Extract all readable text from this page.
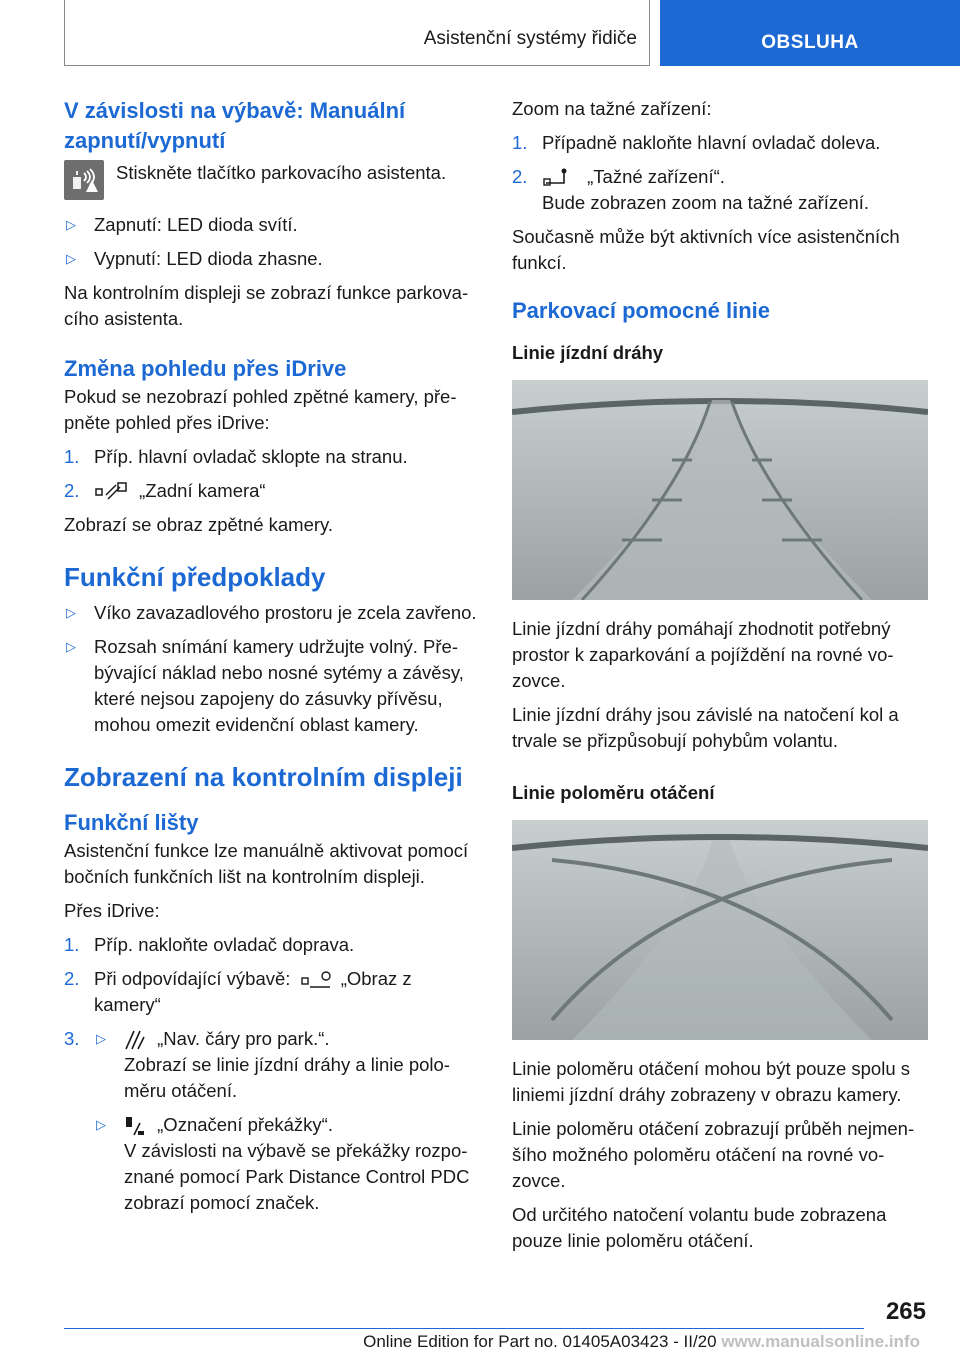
Asistenční systémy řidiče	OBSLUHA
V závislosti na výbavě: Manuální zapnutí/vypnutí
Stiskněte tlačítko parkovacího asistenta.
▷ Zapnutí: LED dioda svítí.
▷ Vypnutí: LED dioda zhasne.

Na kontrolním displeji se zobrazí funkce parkova‐cího asistenta.

Změna pohledu přes iDrive

Pokud se nezobrazí pohled zpětné kamery, pře‐pněte pohled přes iDrive:

1. Příp. hlavní ovladač sklopte na stranu.
2.	„Zadní kamera“

Zobrazí se obraz zpětné kamery.

Funkční předpoklady
▷ Víko zavazadlového prostoru je zcela zavřeno.
▷ Rozsah snímání kamery udržujte volný. Pře‐bývající náklad nebo nosné sytémy a závěsy, které nejsou zapojeny do zásuvky přívěsu, mohou omezit evidenční oblast kamery.
Zobrazení na kontrolním displeji
Funkční lišty

Asistenční funkce lze manuálně aktivovat pomocí bočních funkčních lišt na kontrolním displeji.

Přes iDrive:

1. Příp. nakloňte ovladač doprava.
2. Při odpovídající výbavě:	„Obraz z kamery“
3. ▷	„Nav. čáry pro park.“.
Zobrazí se linie jízdní dráhy a linie polo‐měru otáčení.
▷	„Označení překážky“.
V závislosti na výbavě se překážky rozpo‐znané pomocí Park Distance Control PDC zobrazí pomocí značek.

Zoom na tažné zařízení:

1. Případně nakloňte hlavní ovladač doleva.
2.	„Tažné zařízení“.
Bude zobrazen zoom na tažné zařízení.

Současně může být aktivních více asistenčních funkcí.

Parkovací pomocné linie
Linie jízdní dráhy

Linie jízdní dráhy pomáhají zhodnotit potřebný prostor k zaparkování a pojíždění na rovné vo‐zovce.

Linie jízdní dráhy jsou závislé na natočení kol a trvale se přizpůsobují pohybům volantu.

Linie poloměru otáčení

Linie poloměru otáčení mohou být pouze spolu s liniemi jízdní dráhy zobrazeny v obrazu kamery.

Linie poloměru otáčení zobrazují průběh nejmen‐šího možného poloměru otáčení na rovné vo‐zovce.

Od určitého natočení volantu bude zobrazena pouze linie poloměru otáčení.

265
Online Edition for Part no. 01405A03423 - II/20 www.manualsonline.info
